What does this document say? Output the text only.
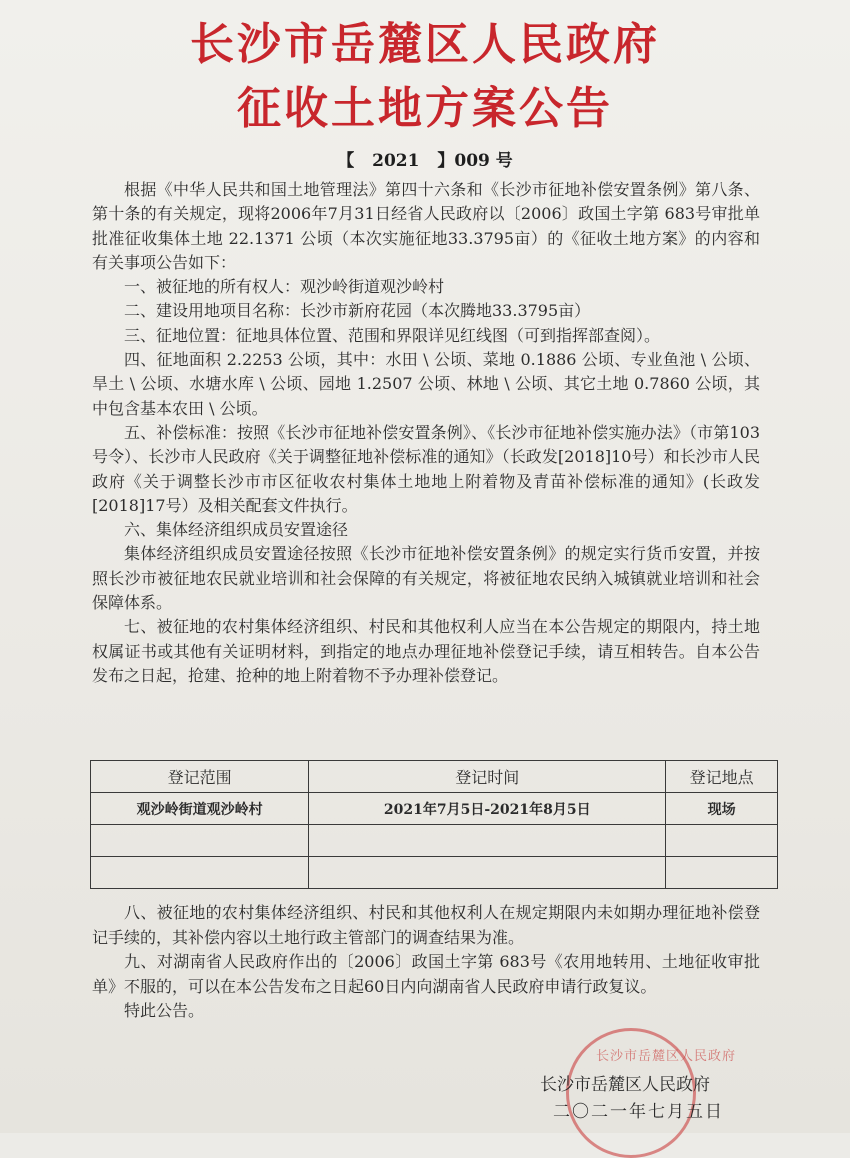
长沙市岳麓区人民政府
征收土地方案公告
【 2021 】009 号

根据《中华人民共和国土地管理法》第四十六条和《长沙市征地补偿安置条例》第八条、第十条的有关规定，现将2006年7月31日经省人民政府以〔2006〕政国土字第 683号审批单批准征收集体土地 22.1371 公顷（本次实施征地33.3795亩）的《征收土地方案》的内容和有关事项公告如下：

一、被征地的所有权人：观沙岭街道观沙岭村

二、建设用地项目名称：长沙市新府花园（本次腾地33.3795亩）

三、征地位置：征地具体位置、范围和界限详见红线图（可到指挥部查阅）。

四、征地面积 2.2253 公顷，其中：水田 \ 公顷、菜地 0.1886 公顷、专业鱼池 \ 公顷、旱土 \ 公顷、水塘水库 \ 公顷、园地 1.2507 公顷、林地 \ 公顷、其它土地 0.7860 公顷，其中包含基本农田 \ 公顷。

五、补偿标准：按照《长沙市征地补偿安置条例》、《长沙市征地补偿实施办法》（市第103号令）、长沙市人民政府《关于调整征地补偿标准的通知》（长政发[2018]10号）和长沙市人民政府《关于调整长沙市市区征收农村集体土地地上附着物及青苗补偿标准的通知》(长政发[2018]17号）及相关配套文件执行。

六、集体经济组织成员安置途径

集体经济组织成员安置途径按照《长沙市征地补偿安置条例》的规定实行货币安置，并按照长沙市被征地农民就业培训和社会保障的有关规定，将被征地农民纳入城镇就业培训和社会保障体系。

七、被征地的农村集体经济组织、村民和其他权利人应当在本公告规定的期限内，持土地权属证书或其他有关证明材料，到指定的地点办理征地补偿登记手续，请互相转告。自本公告发布之日起，抢建、抢种的地上附着物不予办理补偿登记。

登记范围	登记时间	登记地点
观沙岭街道观沙岭村	2021年7月5日-2021年8月5日	现场

八、被征地的农村集体经济组织、村民和其他权利人在规定期限内未如期办理征地补偿登记手续的，其补偿内容以土地行政主管部门的调查结果为准。

九、对湖南省人民政府作出的〔2006〕政国土字第 683号《农用地转用、土地征收审批单》不服的，可以在本公告发布之日起60日内向湖南省人民政府申请行政复议。

特此公告。

长沙市岳麓区人民政府
长沙市岳麓区人民政府
二〇二一年七月五日
